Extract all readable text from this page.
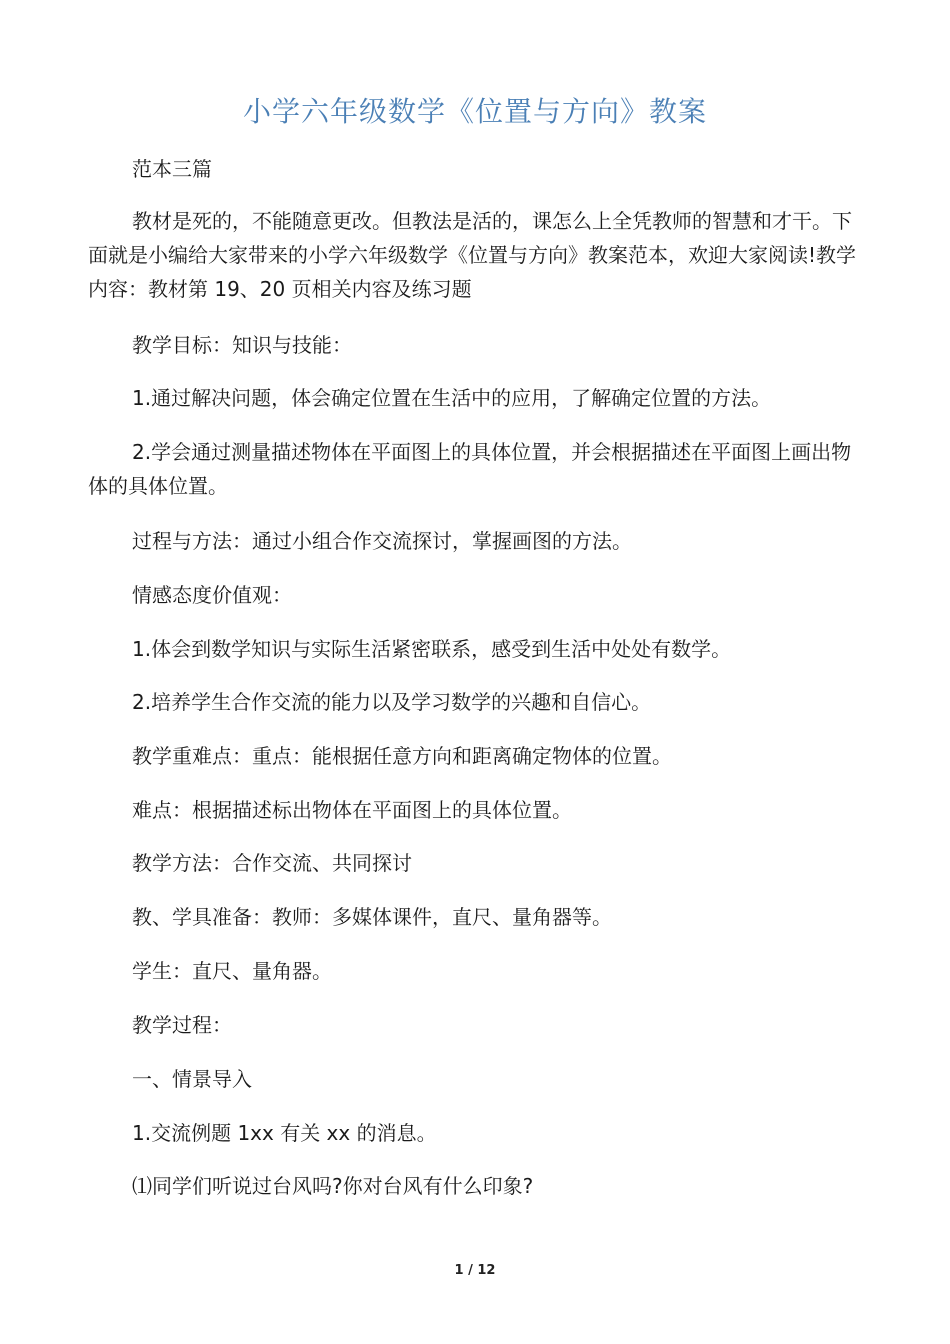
小学六年级数学《位置与方向》教案

范本三篇

教材是死的，不能随意更改。但教法是活的，课怎么上全凭教师的智慧和才干。下面就是小编给大家带来的小学六年级数学《位置与方向》教案范本，欢迎大家阅读!教学内容：教材第 19、20 页相关内容及练习题

教学目标：知识与技能：

1.通过解决问题，体会确定位置在生活中的应用，了解确定位置的方法。

2.学会通过测量描述物体在平面图上的具体位置，并会根据描述在平面图上画出物体的具体位置。

过程与方法：通过小组合作交流探讨，掌握画图的方法。

情感态度价值观：

1.体会到数学知识与实际生活紧密联系，感受到生活中处处有数学。

2.培养学生合作交流的能力以及学习数学的兴趣和自信心。

教学重难点：重点：能根据任意方向和距离确定物体的位置。

难点：根据描述标出物体在平面图上的具体位置。

教学方法：合作交流、共同探讨

教、学具准备：教师：多媒体课件，直尺、量角器等。

学生：直尺、量角器。

教学过程：

一、情景导入

1.交流例题 1xx 有关 xx 的消息。

⑴同学们听说过台风吗?你对台风有什么印象?

1 / 12
